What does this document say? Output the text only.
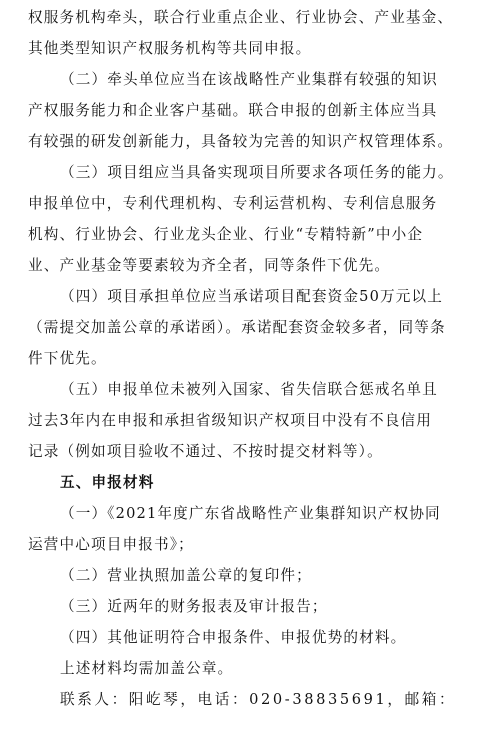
权服务机构牵头，联合行业重点企业、行业协会、产业基金、
其他类型知识产权服务机构等共同申报。
（二）牵头单位应当在该战略性产业集群有较强的知识
产权服务能力和企业客户基础。联合申报的创新主体应当具
有较强的研发创新能力，具备较为完善的知识产权管理体系。
（三）项目组应当具备实现项目所要求各项任务的能力。
申报单位中，专利代理机构、专利运营机构、专利信息服务
机构、行业协会、行业龙头企业、行业“专精特新”中小企
业、产业基金等要素较为齐全者，同等条件下优先。
（四）项目承担单位应当承诺项目配套资金50万元以上
（需提交加盖公章的承诺函）。承诺配套资金较多者，同等条
件下优先。
（五）申报单位未被列入国家、省失信联合惩戒名单且
过去3年内在申报和承担省级知识产权项目中没有不良信用
记录（例如项目验收不通过、不按时提交材料等）。
五、申报材料
（一）《2021年度广东省战略性产业集群知识产权协同
运营中心项目申报书》；
（二）营业执照加盖公章的复印件；
（三）近两年的财务报表及审计报告；
（四）其他证明符合申报条件、申报优势的材料。
上述材料均需加盖公章。
联系人：阳屹琴，电话：020-38835691，邮箱：
